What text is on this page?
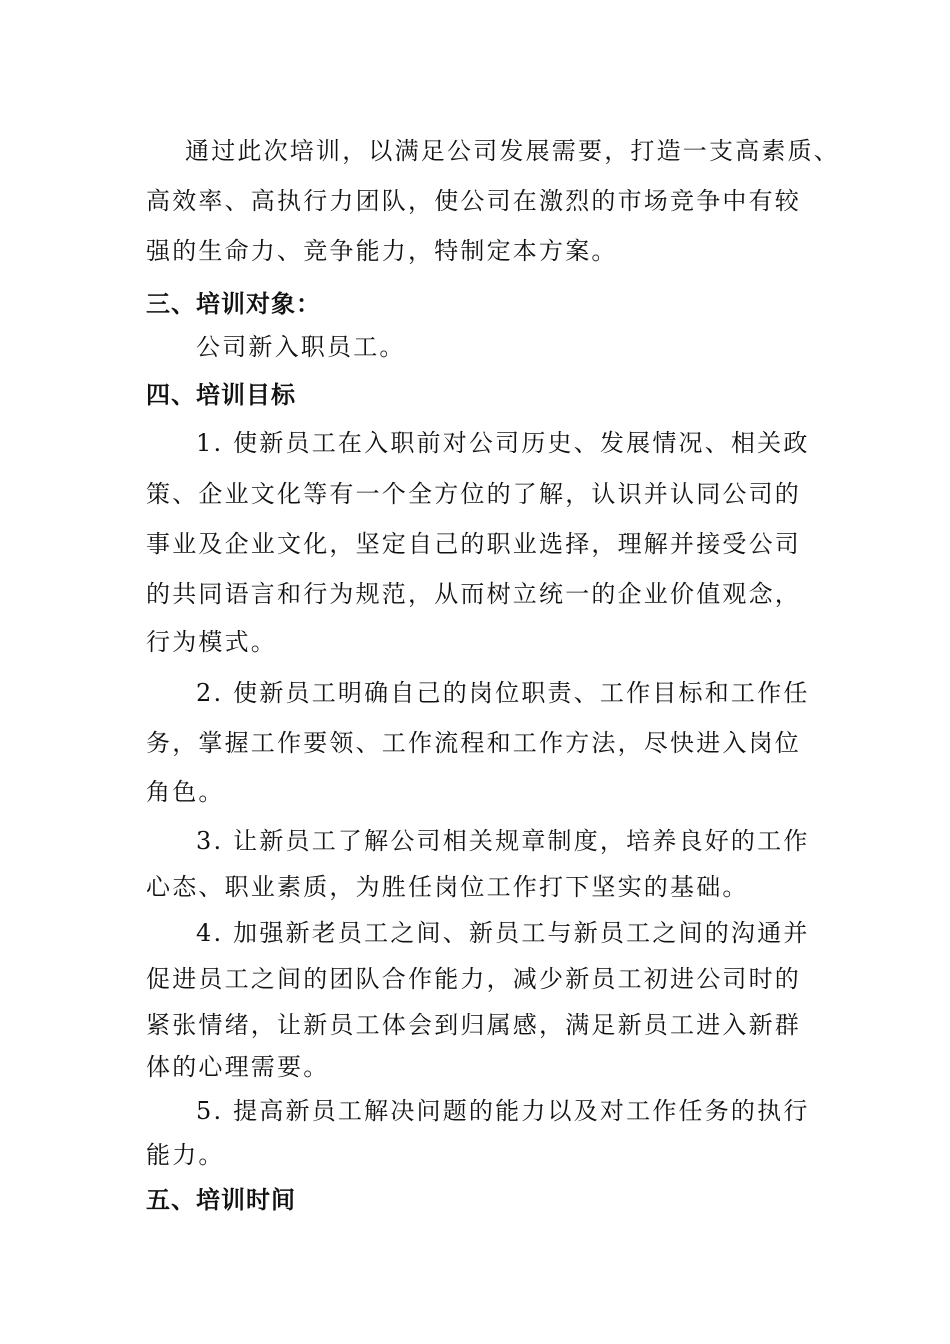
通过此次培训，以满足公司发展需要，打造一支高素质、
高效率、高执行力团队，使公司在激烈的市场竞争中有较
强的生命力、竞争能力，特制定本方案。
三、培训对象：
公司新入职员工。
四、培训目标
1. 使新员工在入职前对公司历史、发展情况、相关政
策、企业文化等有一个全方位的了解，认识并认同公司的
事业及企业文化，坚定自己的职业选择，理解并接受公司
的共同语言和行为规范，从而树立统一的企业价值观念，
行为模式。
2. 使新员工明确自己的岗位职责、工作目标和工作任
务，掌握工作要领、工作流程和工作方法，尽快进入岗位
角色。
3. 让新员工了解公司相关规章制度，培养良好的工作
心态、职业素质，为胜任岗位工作打下坚实的基础。
4. 加强新老员工之间、新员工与新员工之间的沟通并
促进员工之间的团队合作能力，减少新员工初进公司时的
紧张情绪，让新员工体会到归属感，满足新员工进入新群
体的心理需要。
5. 提高新员工解决问题的能力以及对工作任务的执行
能力。
五、培训时间
